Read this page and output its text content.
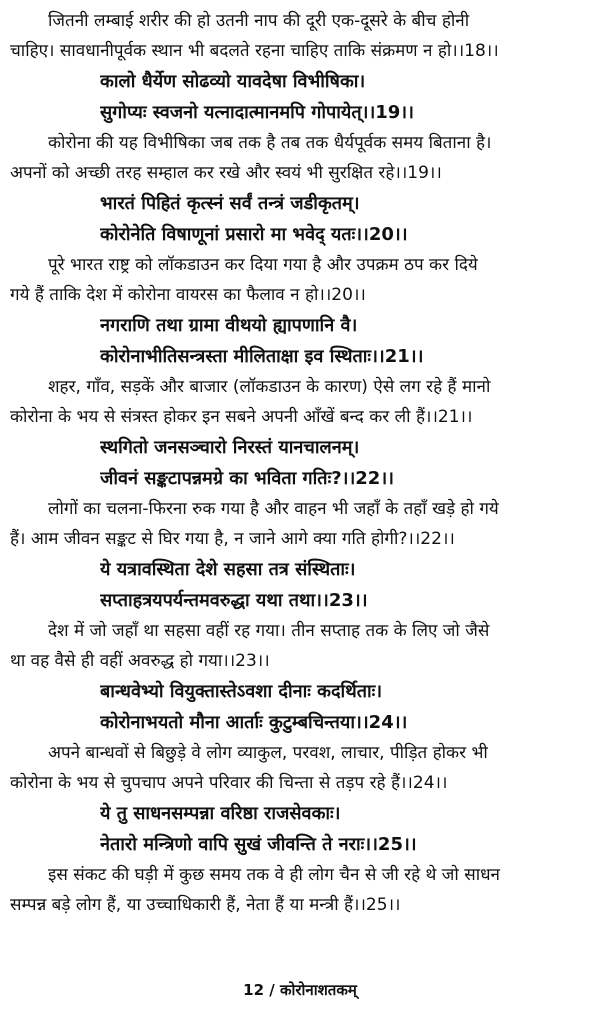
जितनी लम्बाई शरीर की हो उतनी नाप की दूरी एक-दूसरे के बीच होनी
चाहिए। सावधानीपूर्वक स्थान भी बदलते रहना चाहिए ताकि संक्रमण न हो।।18।।

कालो धैर्येण सोढव्यो यावदेषा विभीषिका।
सुगोप्यः स्वजनो यत्नादात्मानमपि गोपायेत्।।19।।

कोरोना की यह विभीषिका जब तक है तब तक धैर्यपूर्वक समय बिताना है।
अपनों को अच्छी तरह सम्हाल कर रखे और स्वयं भी सुरक्षित रहे।।19।।

भारतं पिहितं कृत्स्नं सर्वं तन्त्रं जडीकृतम्।
कोरोनेति विषाणूनां प्रसारो मा भवेद् यतः।।20।।

पूरे भारत राष्ट्र को लॉकडाउन कर दिया गया है और उपक्रम ठप कर दिये
गये हैं ताकि देश में कोरोना वायरस का फैलाव न हो।।20।।

नगराणि तथा ग्रामा वीथयो ह्यापणानि वै।
कोरोनाभीतिसन्त्रस्ता मीलिताक्षा इव स्थिताः।।21।।

शहर, गाँव, सड़कें और बाजार (लॉकडाउन के कारण) ऐसे लग रहे हैं मानो
कोरोना के भय से संत्रस्त होकर इन सबने अपनी आँखें बन्द कर ली हैं।।21।।

स्थगितो जनसञ्चारो निरस्तं यानचालनम्।
जीवनं सङ्कटापन्नमग्रे का भविता गतिः?।।22।।

लोगों का चलना-फिरना रुक गया है और वाहन भी जहाँ के तहाँ खड़े हो गये
हैं। आम जीवन सङ्कट से घिर गया है, न जाने आगे क्या गति होगी?।।22।।

ये यत्रावस्थिता देशे सहसा तत्र संस्थिताः।
सप्ताहत्रयपर्यन्तमवरुद्धा यथा तथा।।23।।

देश में जो जहाँ था सहसा वहीं रह गया। तीन सप्ताह तक के लिए जो जैसे
था वह वैसे ही वहीं अवरुद्ध हो गया।।23।।

बान्धवेभ्यो वियुक्तास्तेऽवशा दीनाः कदर्थिताः।
कोरोनाभयतो मौना आर्ताः कुटुम्बचिन्तया।।24।।

अपने बान्धवों से बिछुड़े वे लोग व्याकुल, परवश, लाचार, पीड़ित होकर भी
कोरोना के भय से चुपचाप अपने परिवार की चिन्ता से तड़प रहे हैं।।24।।

ये तु साधनसम्पन्ना वरिष्ठा राजसेवकाः।
नेतारो मन्त्रिणो वापि सुखं जीवन्ति ते नराः।।25।।

इस संकट की घड़ी में कुछ समय तक वे ही लोग चैन से जी रहे थे जो साधन
सम्पन्न बड़े लोग हैं, या उच्चाधिकारी हैं, नेता हैं या मन्त्री हैं।।25।।

12 / कोरोनाशतकम्
